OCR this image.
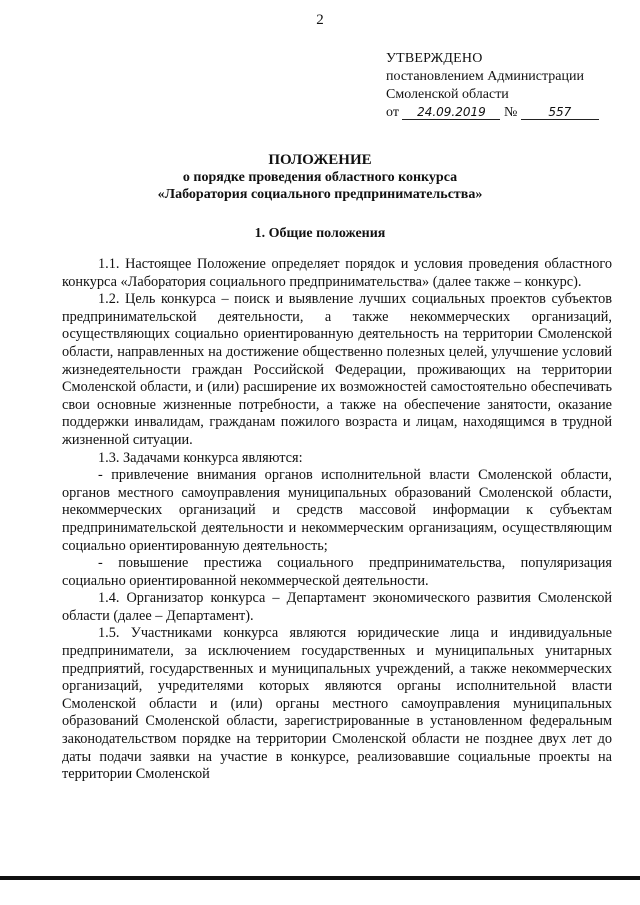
2
УТВЕРЖДЕНО
постановлением Администрации
Смоленской области
от 24.09.2019 №	557
ПОЛОЖЕНИЕ
о порядке проведения областного конкурса
«Лаборатория социального предпринимательства»
1. Общие положения

1.1. Настоящее Положение определяет порядок и условия проведения областного конкурса «Лаборатория социального предпринимательства» (далее также – конкурс).

1.2. Цель конкурса – поиск и выявление лучших социальных проектов субъектов предпринимательской деятельности, а также некоммерческих организаций, осуществляющих социально ориентированную деятельность на территории Смоленской области, направленных на достижение общественно полезных целей, улучшение условий жизнедеятельности граждан Российской Федерации, проживающих на территории Смоленской области, и (или) расширение их возможностей самостоятельно обеспечивать свои основные жизненные потребности, а также на обеспечение занятости, оказание поддержки инвалидам, гражданам пожилого возраста и лицам, находящимся в трудной жизненной ситуации.

1.3. Задачами конкурса являются:

- привлечение внимания органов исполнительной власти Смоленской области, органов местного самоуправления муниципальных образований Смоленской области, некоммерческих организаций и средств массовой информации к субъектам предпринимательской деятельности и некоммерческим организациям, осуществляющим социально ориентированную деятельность;

- повышение престижа социального предпринимательства, популяризация социально ориентированной некоммерческой деятельности.

1.4. Организатор конкурса – Департамент экономического развития Смоленской области (далее – Департамент).

1.5. Участниками конкурса являются юридические лица и индивидуальные предприниматели, за исключением государственных и муниципальных унитарных предприятий, государственных и муниципальных учреждений, а также некоммерческих организаций, учредителями которых являются органы исполнительной власти Смоленской области и (или) органы местного самоуправления муниципальных образований Смоленской области, зарегистрированные в установленном федеральным законодательством порядке на территории Смоленской области не позднее двух лет до даты подачи заявки на участие в конкурсе, реализовавшие социальные проекты на территории Смоленской
